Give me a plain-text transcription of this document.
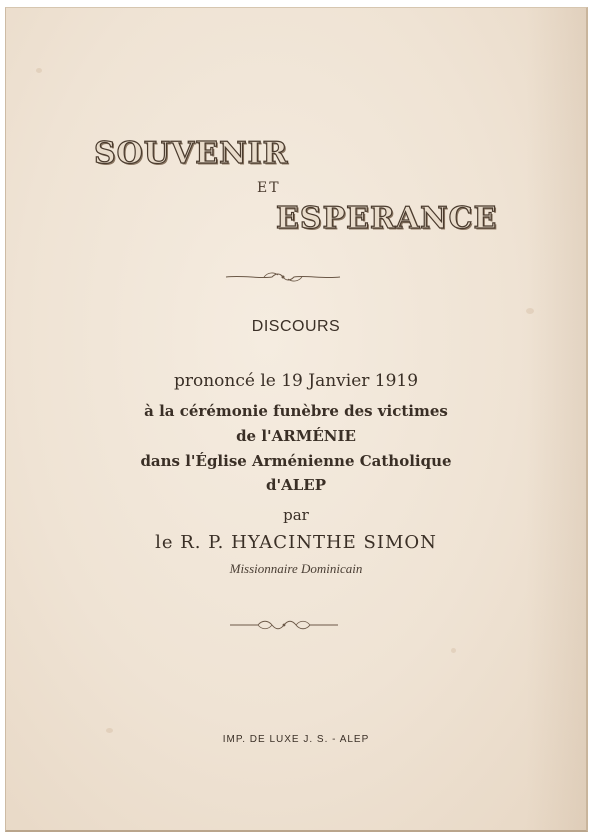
SOUVENIR
ET
ESPERANCE
DISCOURS
prononcé le 19 Janvier 1919
à la cérémonie funèbre des victimes
de l'ARMÉNIE
dans l'Église Arménienne Catholique
d'ALEP
par
le R. P. HYACINTHE SIMON
Missionnaire Dominicain
IMP. DE LUXE J. S. - ALEP
